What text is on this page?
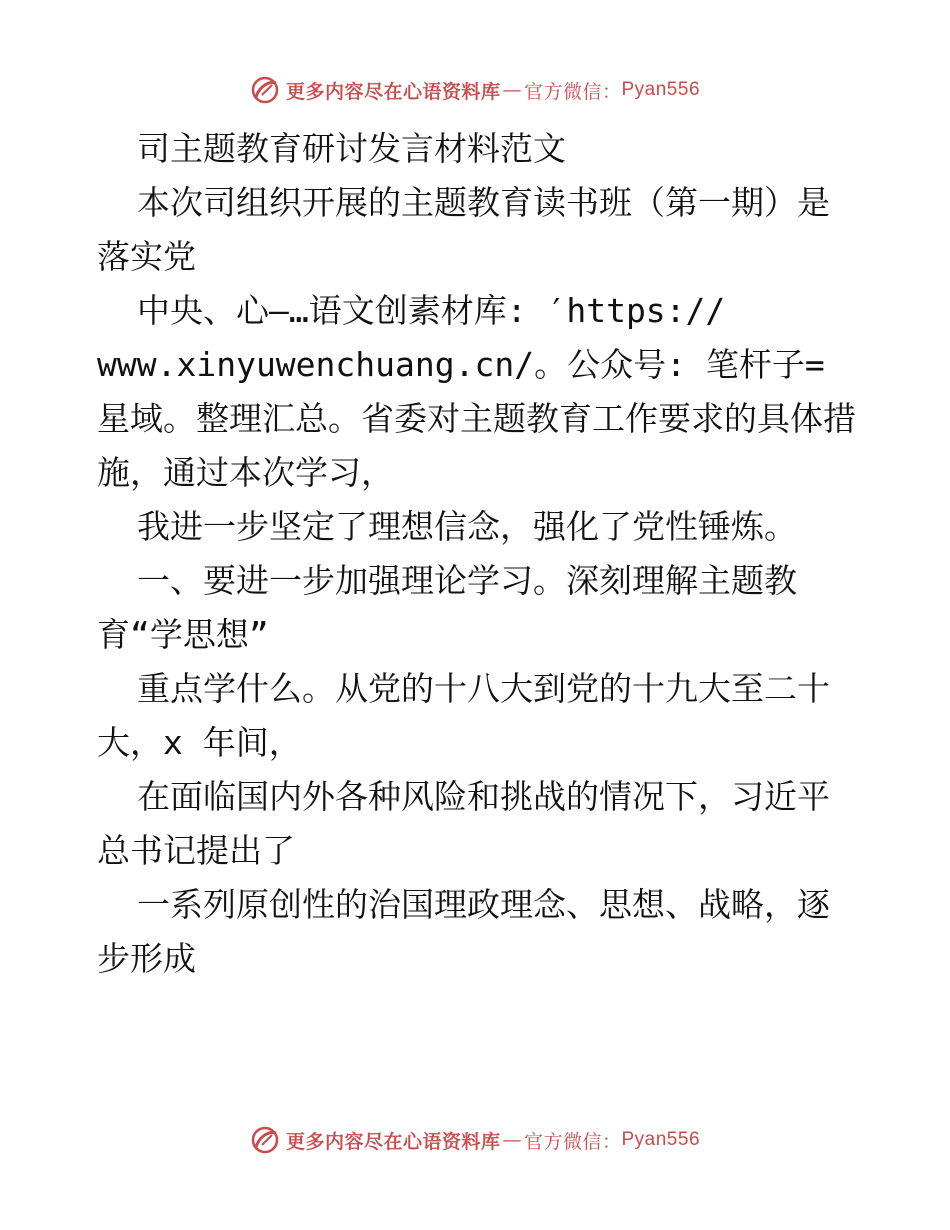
更多内容尽在心语资料库 — 官方微信： Pyan556

司主题教育研讨发言材料范文

本次司组织开展的主题教育读书班（第一期）是落实党

中央、心—…语文创素材库: ′https://

www.xinyuwenchuang.cn/。公众号: 笔杆子=星域。整理汇总。省委对主题教育工作要求的具体措施，通过本次学习，

我进一步坚定了理想信念，强化了党性锤炼。

一、要进一步加强理论学习。深刻理解主题教育“学思想”

重点学什么。从党的十八大到党的十九大至二十大，x 年间，

在面临国内外各种风险和挑战的情况下，习近平总书记提出了

一系列原创性的治国理政理念、思想、战略，逐步形成

更多内容尽在心语资料库 — 官方微信： Pyan556
